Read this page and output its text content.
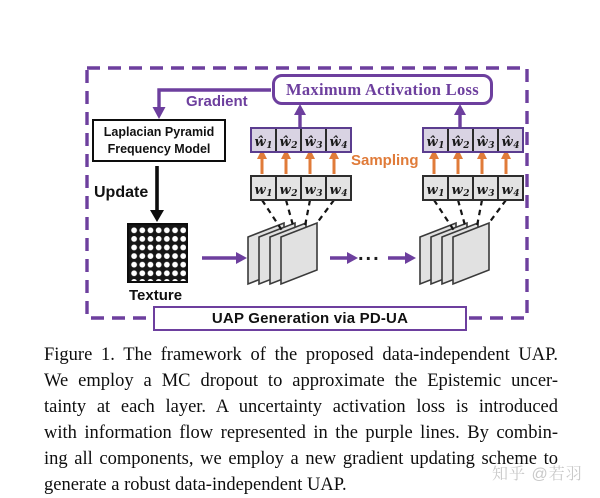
Maximum Activation Loss
Gradient
Laplacian Pyramid
Frequency Model
Update
Texture
Sampling
...
$ŵ_1$ $ŵ_2$ $ŵ_3$ $ŵ_4$
$w_1$ $w_2$ $w_3$ $w_4$
$ŵ_1$ $ŵ_2$ $ŵ_3$ $ŵ_4$
$w_1$ $w_2$ $w_3$ $w_4$
UAP Generation via PD-UA
Figure 1. The framework of the proposed data-independent UAP.
We employ a MC dropout to approximate the Epistemic uncer-
tainty at each layer. A uncertainty activation loss is introduced
with information flow represented in the purple lines. By combin-
ing all components, we employ a new gradient updating scheme to
generate a robust data-independent UAP.
知乎 @若羽
